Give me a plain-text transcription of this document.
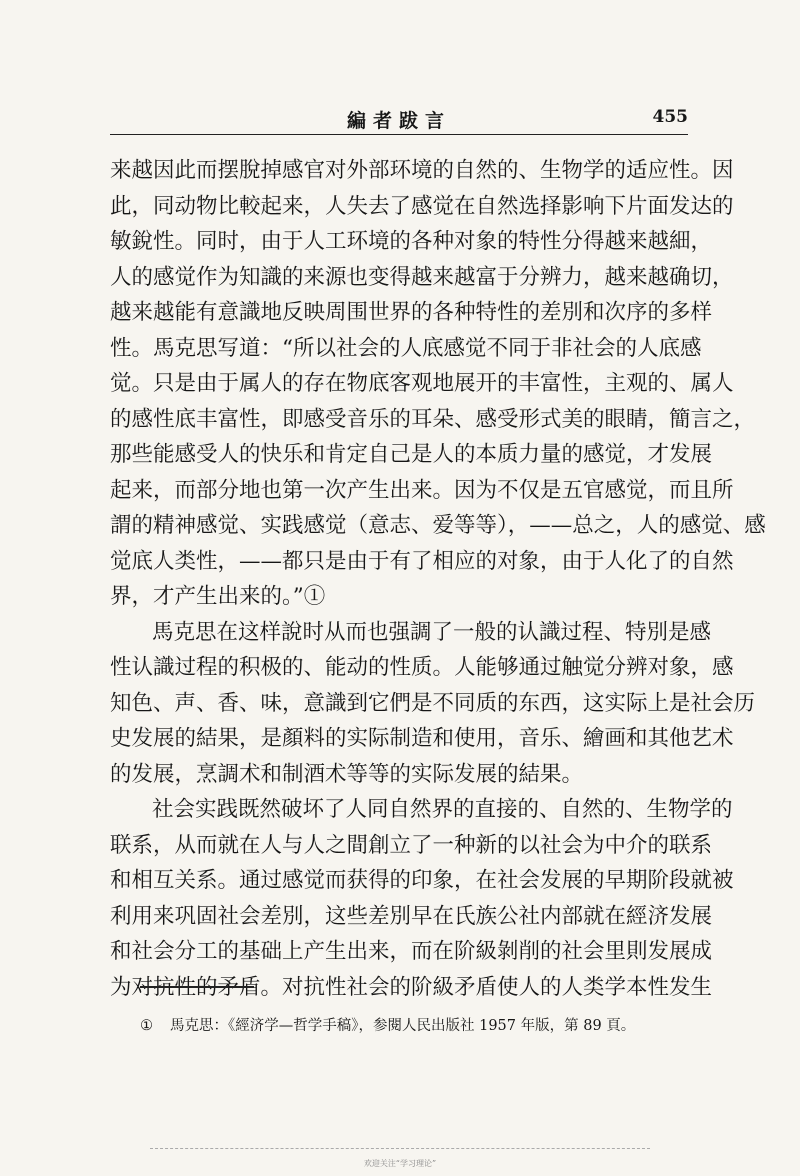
編者跋言	455
来越因此而摆脫掉感官对外部环境的自然的、生物学的适应性。因
此，同动物比較起来，人失去了感觉在自然选择影响下片面发达的
敏銳性。同时，由于人工环境的各种对象的特性分得越来越細，
人的感觉作为知識的来源也变得越来越富于分辨力，越来越确切，
越来越能有意識地反映周围世界的各种特性的差別和次序的多样
性。馬克思写道：“所以社会的人底感觉不同于非社会的人底感
觉。只是由于属人的存在物底客观地展开的丰富性，主观的、属人
的感性底丰富性，即感受音乐的耳朵、感受形式美的眼睛，簡言之，
那些能感受人的快乐和肯定自己是人的本质力量的感觉，才发展
起来，而部分地也第一次产生出来。因为不仅是五官感觉，而且所
謂的精神感觉、实践感觉（意志、爱等等），——总之，人的感觉、感
觉底人类性，——都只是由于有了相应的对象，由于人化了的自然
界，才产生出来的。”①
馬克思在这样說时从而也强調了一般的认識过程、特別是感
性认識过程的积极的、能动的性质。人能够通过触觉分辨对象，感
知色、声、香、味，意識到它們是不同质的东西，这实际上是社会历
史发展的結果，是顏料的实际制造和使用，音乐、繪画和其他艺术
的发展，烹調术和制酒术等等的实际发展的結果。
社会实践既然破坏了人同自然界的直接的、自然的、生物学的
联系，从而就在人与人之間創立了一种新的以社会为中介的联系
和相互关系。通过感觉而获得的印象，在社会发展的早期阶段就被
利用来巩固社会差別，这些差別早在氏族公社内部就在經济发展
和社会分工的基础上产生出来，而在阶級剝削的社会里則发展成
为对抗性的矛盾。对抗性社会的阶級矛盾使人的人类学本性发生
① 馬克思：《經济学—哲学手稿》，参閱人民出版社 1957 年版，第 89 頁。
欢迎关注“学习理论”
